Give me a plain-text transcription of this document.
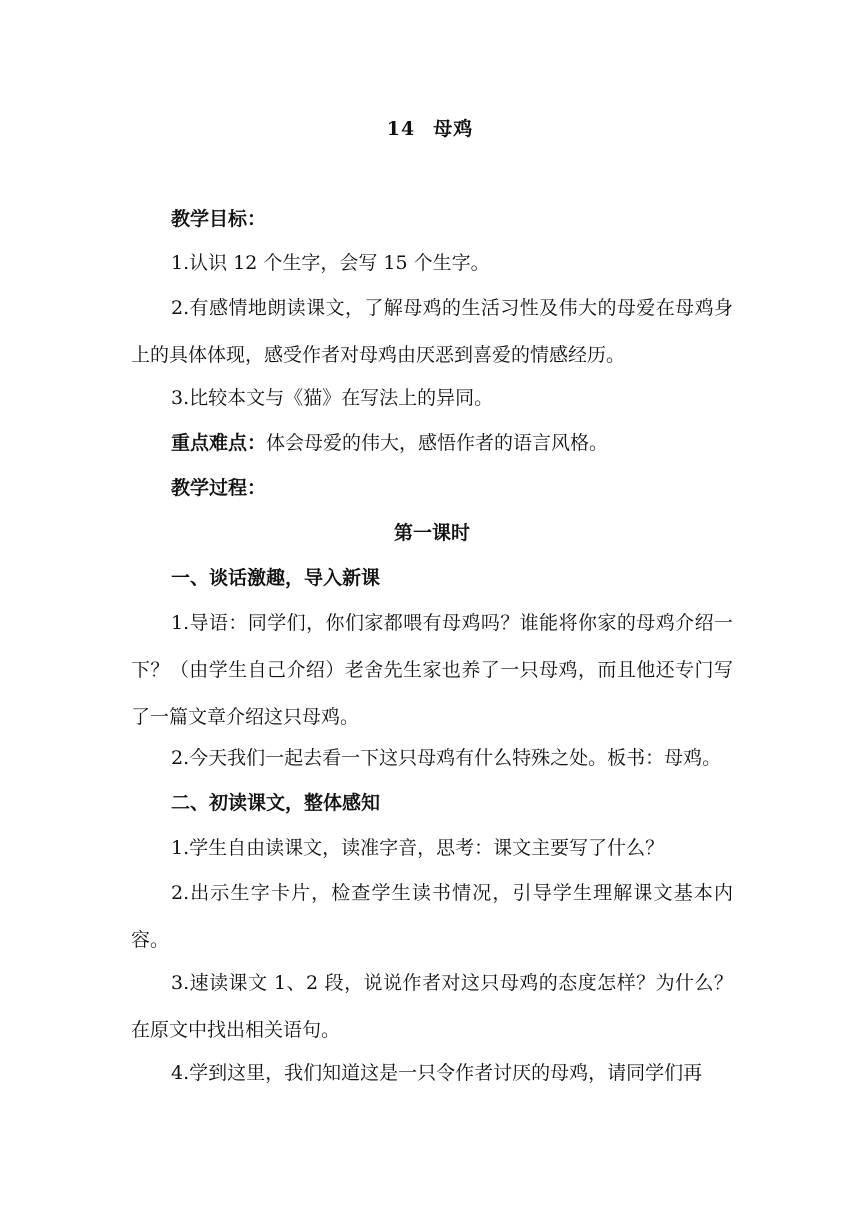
14 母鸡

教学目标：

1.认识 12 个生字，会写 15 个生字。

2.有感情地朗读课文，了解母鸡的生活习性及伟大的母爱在母鸡身上的具体体现，感受作者对母鸡由厌恶到喜爱的情感经历。

3.比较本文与《猫》在写法上的异同。

重点难点：体会母爱的伟大，感悟作者的语言风格。

教学过程：

第一课时

一、谈话激趣，导入新课

1.导语：同学们，你们家都喂有母鸡吗？谁能将你家的母鸡介绍一下？（由学生自己介绍）老舍先生家也养了一只母鸡，而且他还专门写了一篇文章介绍这只母鸡。

2.今天我们一起去看一下这只母鸡有什么特殊之处。板书：母鸡。

二、初读课文，整体感知

1.学生自由读课文，读准字音，思考：课文主要写了什么？

2.出示生字卡片，检查学生读书情况，引导学生理解课文基本内容。

3.速读课文 1、2 段，说说作者对这只母鸡的态度怎样？为什么？在原文中找出相关语句。

4.学到这里，我们知道这是一只令作者讨厌的母鸡，请同学们再
